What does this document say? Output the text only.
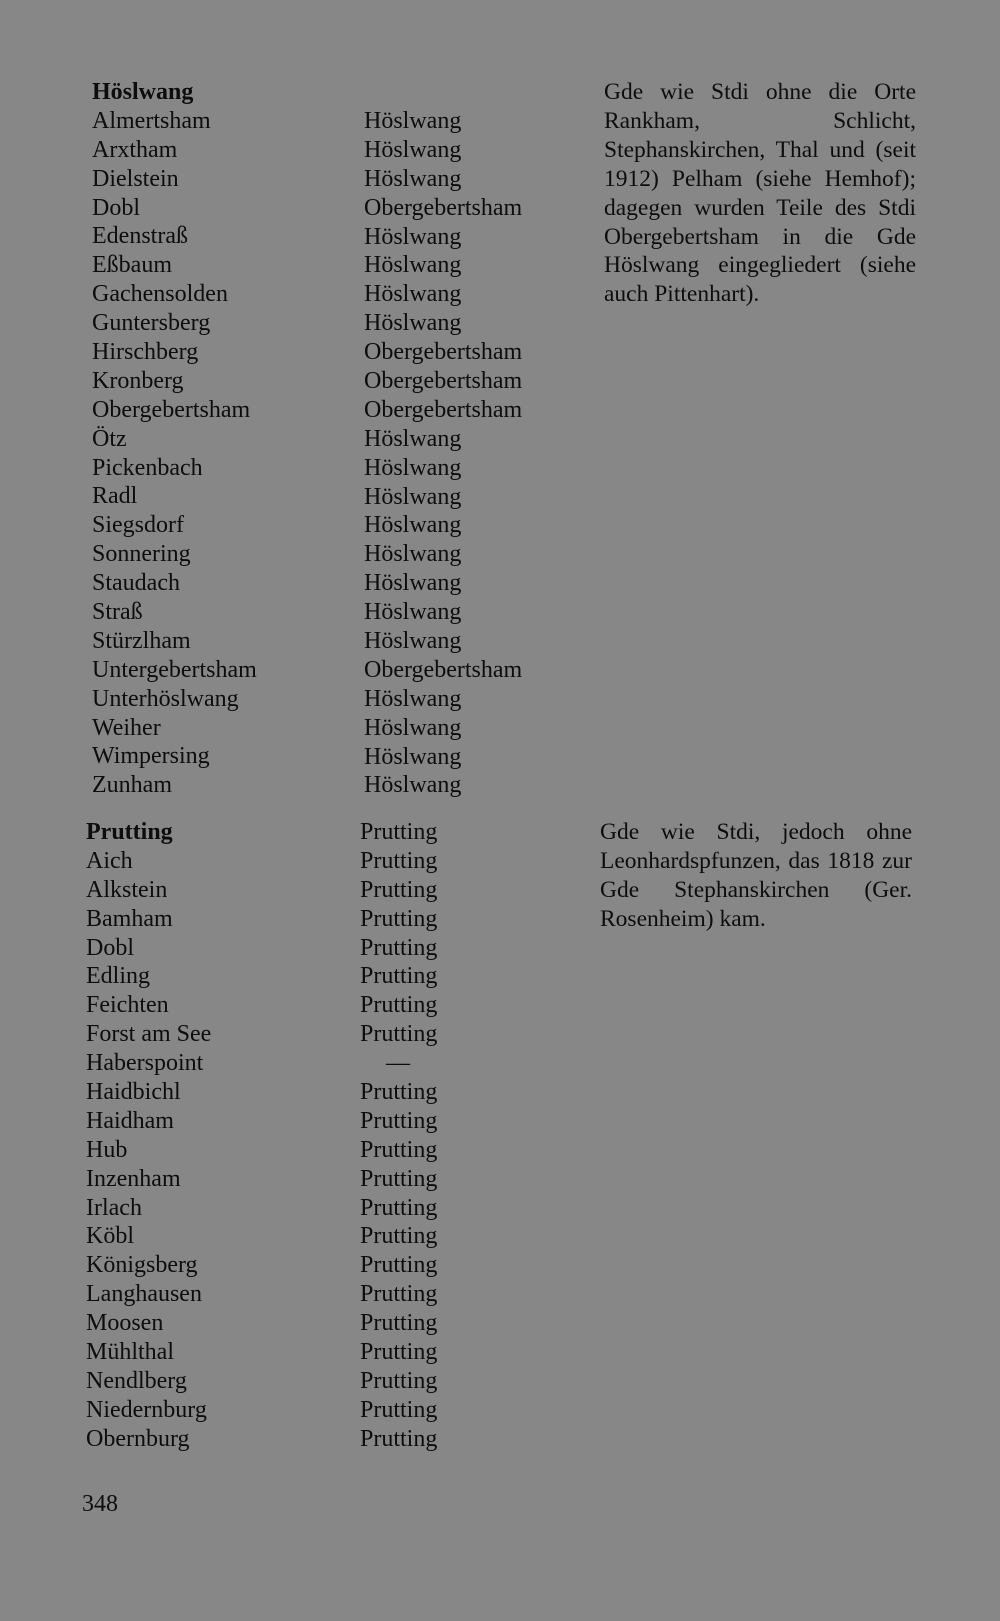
Höslwang
Almertsham
Arxtham
Dielstein
Dobl
Edenstraß
Eßbaum
Gachensolden
Guntersberg
Hirschberg
Kronberg
Obergebertsham
Ötz
Pickenbach
Radl
Siegsdorf
Sonnering
Staudach
Straß
Stürzlham
Untergebertsham
Unterhöslwang
Weiher
Wimpersing
Zunham
Höslwang
Höslwang
Höslwang
Obergebertsham
Höslwang
Höslwang
Höslwang
Höslwang
Obergebertsham
Obergebertsham
Obergebertsham
Höslwang
Höslwang
Höslwang
Höslwang
Höslwang
Höslwang
Höslwang
Höslwang
Obergebertsham
Höslwang
Höslwang
Höslwang
Höslwang
Gde wie Stdi ohne die Orte Rankham, Schlicht, Stephanskirchen, Thal und (seit 1912) Pelham (siehe Hemhof); dagegen wurden Teile des Stdi Obergebertsham in die Gde Höslwang eingegliedert (siehe auch Pittenhart).
Prutting
Aich
Alkstein
Bamham
Dobl
Edling
Feichten
Forst am See
Haberspoint
Haidbichl
Haidham
Hub
Inzenham
Irlach
Köbl
Königsberg
Langhausen
Moosen
Mühlthal
Nendlberg
Niedernburg
Obernburg
Prutting
Prutting
Prutting
Prutting
Prutting
Prutting
Prutting
Prutting
—
Prutting
Prutting
Prutting
Prutting
Prutting
Prutting
Prutting
Prutting
Prutting
Prutting
Prutting
Prutting
Prutting
Gde wie Stdi, jedoch ohne Leonhardspfunzen, das 1818 zur Gde Stephanskirchen (Ger. Rosenheim) kam.
348
